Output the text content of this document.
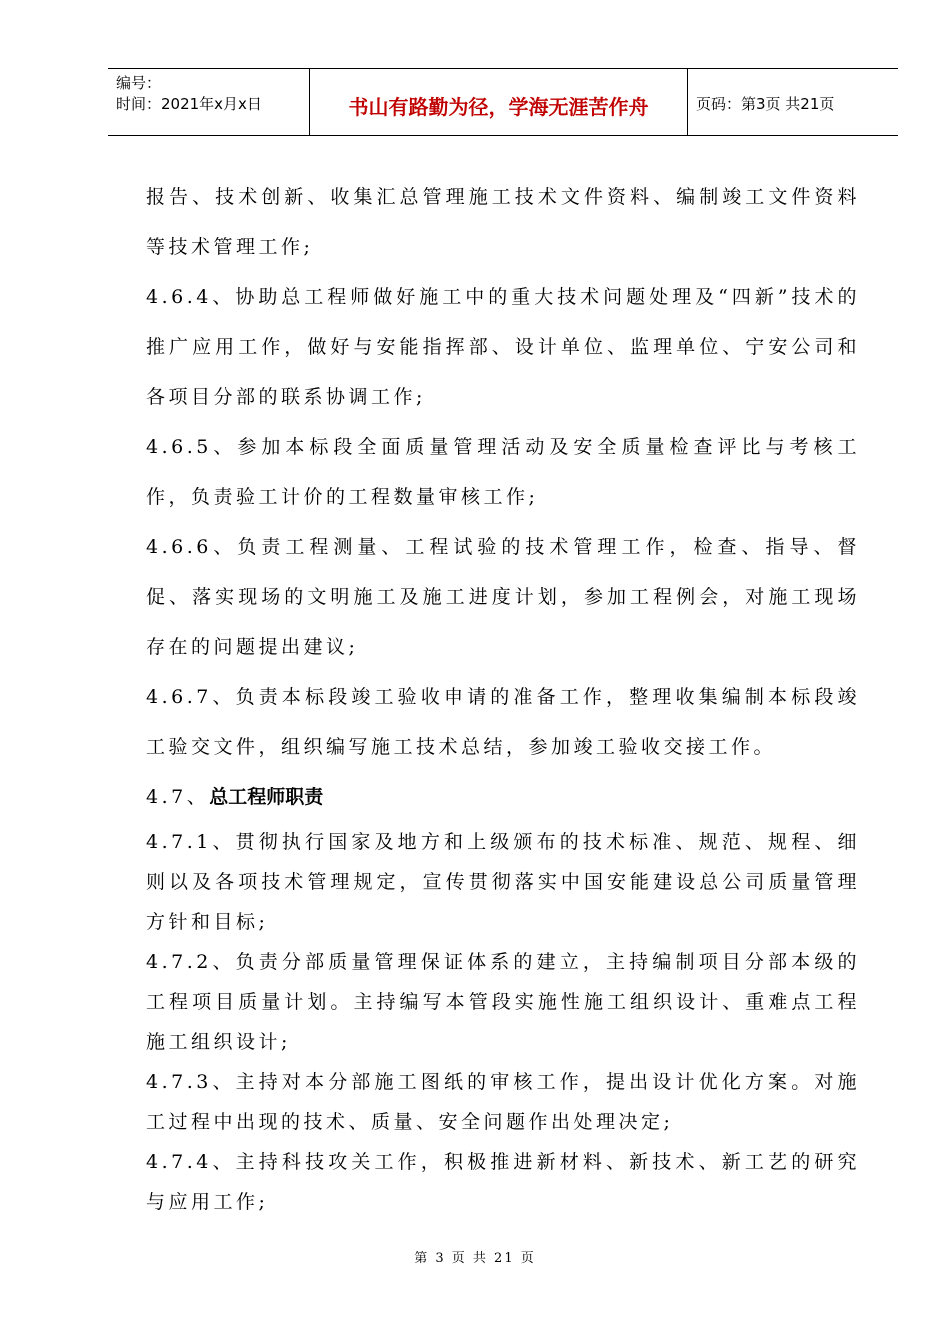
编号：
时间：2021年x月x日	书山有路勤为径，学海无涯苦作舟	页码：第3页 共21页

报告、技术创新、收集汇总管理施工技术文件资料、编制竣工文件资料等技术管理工作;

4.6.4、协助总工程师做好施工中的重大技术问题处理及“四新”技术的推广应用工作，做好与安能指挥部、设计单位、监理单位、宁安公司和各项目分部的联系协调工作;

4.6.5、参加本标段全面质量管理活动及安全质量检查评比与考核工作，负责验工计价的工程数量审核工作;

4.6.6、负责工程测量、工程试验的技术管理工作，检查、指导、督促、落实现场的文明施工及施工进度计划，参加工程例会，对施工现场存在的问题提出建议;

4.6.7、负责本标段竣工验收申请的准备工作，整理收集编制本标段竣工验交文件，组织编写施工技术总结，参加竣工验收交接工作。

4.7、总工程师职责

4.7.1、贯彻执行国家及地方和上级颁布的技术标准、规范、规程、细则以及各项技术管理规定，宣传贯彻落实中国安能建设总公司质量管理方针和目标;

4.7.2、负责分部质量管理保证体系的建立，主持编制项目分部本级的工程项目质量计划。主持编写本管段实施性施工组织设计、重难点工程施工组织设计;

4.7.3、主持对本分部施工图纸的审核工作，提出设计优化方案。对施工过程中出现的技术、质量、安全问题作出处理决定;

4.7.4、主持科技攻关工作，积极推进新材料、新技术、新工艺的研究与应用工作;

第 3 页 共 21 页
